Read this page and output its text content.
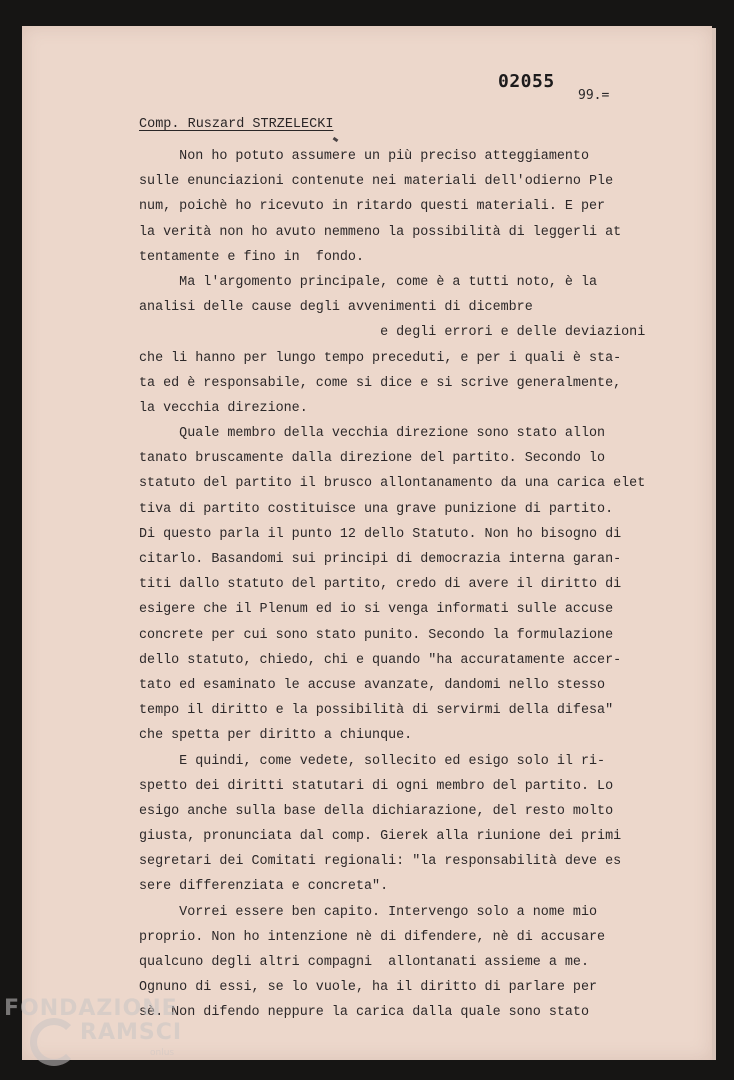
02055
99.=
Comp. Ruszard STRZELECKI
Non ho potuto assumere un più preciso atteggiamento
sulle enunciazioni contenute nei materiali dell'odierno Ple
num, poichè ho ricevuto in ritardo questi materiali. E per
la verità non ho avuto nemmeno la possibilità di leggerli at
tentamente e fino in  fondo.
Ma l'argomento principale, come è a tutti noto, è la
analisi delle cause degli avvenimenti di dicembre
e degli errori e delle deviazioni
che li hanno per lungo tempo preceduti, e per i quali è sta-
ta ed è responsabile, come si dice e si scrive generalmente,
la vecchia direzione.
Quale membro della vecchia direzione sono stato allon
tanato bruscamente dalla direzione del partito. Secondo lo
statuto del partito il brusco allontanamento da una carica elet
tiva di partito costituisce una grave punizione di partito.
Di questo parla il punto 12 dello Statuto. Non ho bisogno di
citarlo. Basandomi sui principi di democrazia interna garan-
titi dallo statuto del partito, credo di avere il diritto di
esigere che il Plenum ed io si venga informati sulle accuse
concrete per cui sono stato punito. Secondo la formulazione
dello statuto, chiedo, chi e quando "ha accuratamente accer-
tato ed esaminato le accuse avanzate, dandomi nello stesso
tempo il diritto e la possibilità di servirmi della difesa"
che spetta per diritto a chiunque.
E quindi, come vedete, sollecito ed esigo solo il ri-
spetto dei diritti statutari di ogni membro del partito. Lo
esigo anche sulla base della dichiarazione, del resto molto
giusta, pronunciata dal comp. Gierek alla riunione dei primi
segretari dei Comitati regionali: "la responsabilità deve es
sere differenziata e concreta".
Vorrei essere ben capito. Intervengo solo a nome mio
proprio. Non ho intenzione nè di difendere, nè di accusare
qualcuno degli altri compagni  allontanati assieme a me.
Ognuno di essi, se lo vuole, ha il diritto di parlare per
sè. Non difendo neppure la carica dalla quale sono stato
FONDAZIONE
RAMSCI
onlus
